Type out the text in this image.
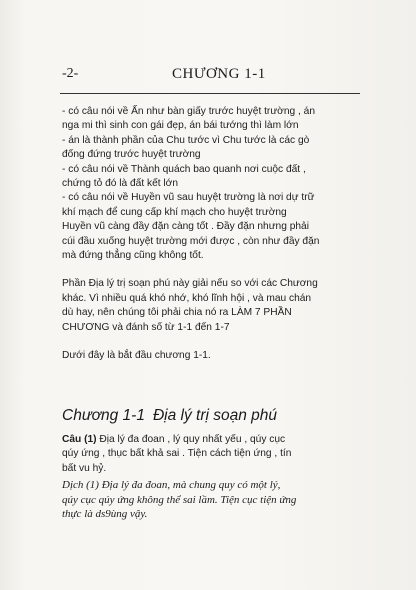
-2-	CHƯƠNG 1-1
- có câu nói về Ấn như bàn giấy trước huyệt trường , án
nga mi thì sinh con gái đẹp, án bái tướng thì làm lớn
- án là thành phần của Chu tước vì Chu tước là các gò
đống đứng trước huyệt trường
- có câu nói về Thành quách bao quanh nơi cuộc đất ,
chứng tỏ đó là đất kết lớn
- có câu nói về Huyền vũ sau huyệt trường là nơi dự trữ
khí mạch để cung cấp khí mạch cho huyệt trường
Huyền vũ càng đầy đặn càng tốt . Đầy đặn nhưng phải
cúi đầu xuống huyệt trường mới được , còn như đầy đặn
mà đứng thẳng cũng không tốt.
Phần Địa lý trị soạn phú này giải nếu so với các Chương
khác. Vì nhiều quá khó nhớ, khó lĩnh hội , và mau chán
dù hay, nên chúng tôi phải chia nó ra LÀM 7 PHẦN
CHƯƠNG và đánh số từ 1-1 đến 1-7
Dưới đây là bắt đầu chương 1-1.
Chương 1-1 Địa lý trị soạn phú
Câu (1) Địa lý đa đoan , lý quy nhất yếu , qúy cục
qúy ứng , thục bất khả sai . Tiện cách tiện ứng , tín
bất vu hỷ.
Dịch (1) Địa lý đa đoan, mà chung quy có một lý,
qúy cục qúy ứng không thể sai lầm. Tiện cục tiện ứng
thực là ds9ùng vậy.
